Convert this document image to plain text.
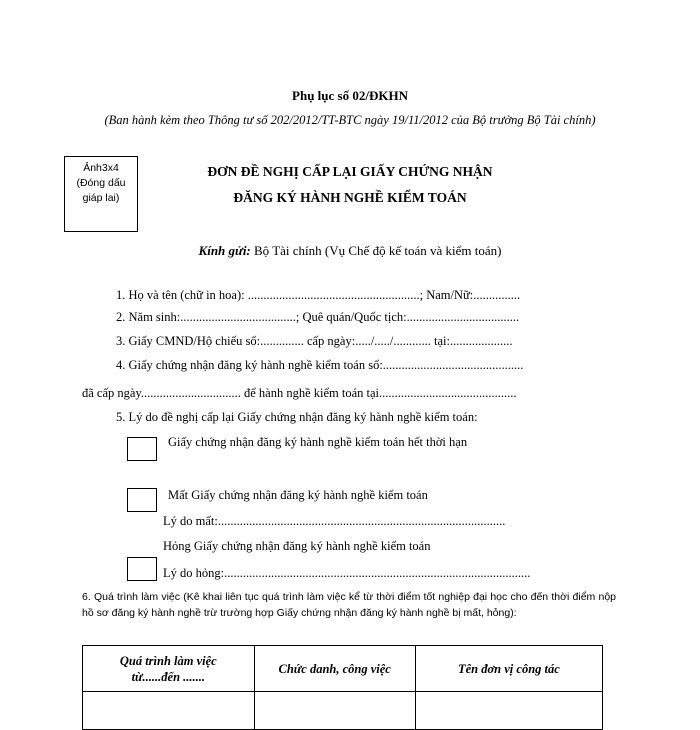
Phụ lục số 02/ĐKHN
(Ban hành kèm theo Thông tư số 202/2012/TT-BTC ngày 19/11/2012 của Bộ trưởng Bộ Tài chính)
Ảnh3x4
(Đóng dấu
giáp lai)
ĐƠN ĐỀ NGHỊ CẤP LẠI GIẤY CHỨNG NHẬN
ĐĂNG KÝ HÀNH NGHỀ KIỂM TOÁN
Kính gửi: Bộ Tài chính (Vụ Chế độ kế toán và kiểm toán)
1. Họ và tên (chữ in hoa): .......................................................; Nam/Nữ:...............
2. Năm sinh:.....................................; Quê quán/Quốc tịch:....................................
3. Giấy CMND/Hộ chiếu số:.............. cấp ngày:...../...../............ tại:....................
4. Giấy chứng nhận đăng ký hành nghề kiểm toán số:.............................................
đã cấp ngày................................ để hành nghề kiểm toán tại............................................
5. Lý do đề nghị cấp lại Giấy chứng nhận đăng ký hành nghề kiểm toán:
Giấy chứng nhận đăng ký hành nghề kiểm toán hết thời hạn
Mất Giấy chứng nhận đăng ký hành nghề kiểm toán
Lý do mất:............................................................................................
Hỏng Giấy chứng nhận đăng ký hành nghề kiểm toán
Lý do hỏng:..................................................................................................
6. Quá trình làm việc (Kê khai liên tục quá trình làm việc kể từ thời điểm tốt nghiệp đại học cho đến thời điểm nộp hồ sơ đăng ký hành nghề trừ trường hợp Giấy chứng nhận đăng ký hành nghề bị mất, hỏng):
Quá trình làm việc
từ......đến .......	Chức danh, công việc	Tên đơn vị công tác
